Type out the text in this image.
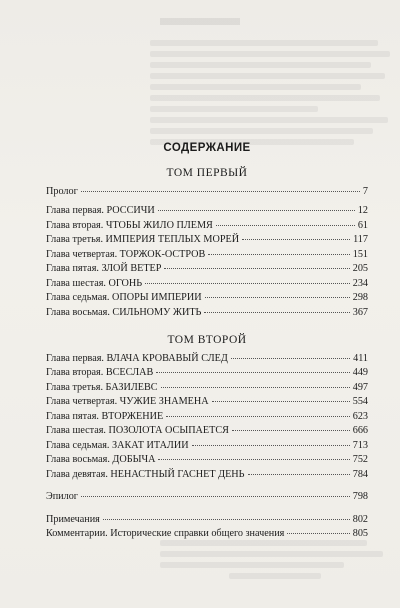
СОДЕРЖАНИЕ
ТОМ ПЕРВЫЙ
Пролог	7
Глава первая. РОССИЧИ	12
Глава вторая. ЧТОБЫ ЖИЛО ПЛЕМЯ	61
Глава третья. ИМПЕРИЯ ТЕПЛЫХ МОРЕЙ	117
Глава четвертая. ТОРЖОК-ОСТРОВ	151
Глава пятая. ЗЛОЙ ВЕТЕР	205
Глава шестая. ОГОНЬ	234
Глава седьмая. ОПОРЫ ИМПЕРИИ	298
Глава восьмая. СИЛЬНОМУ ЖИТЬ	367
ТОМ ВТОРОЙ
Глава первая. ВЛАЧА КРОВАВЫЙ СЛЕД	411
Глава вторая. ВСЕСЛАВ	449
Глава третья. БАЗИЛЕВС	497
Глава четвертая. ЧУЖИЕ ЗНАМЕНА	554
Глава пятая. ВТОРЖЕНИЕ	623
Глава шестая. ПОЗОЛОТА ОСЫПАЕТСЯ	666
Глава седьмая. ЗАКАТ ИТАЛИИ	713
Глава восьмая. ДОБЫЧА	752
Глава девятая. НЕНАСТНЫЙ ГАСНЕТ ДЕНЬ	784
Эпилог	798
Примечания	802
Комментарии. Исторические справки общего значения	805
